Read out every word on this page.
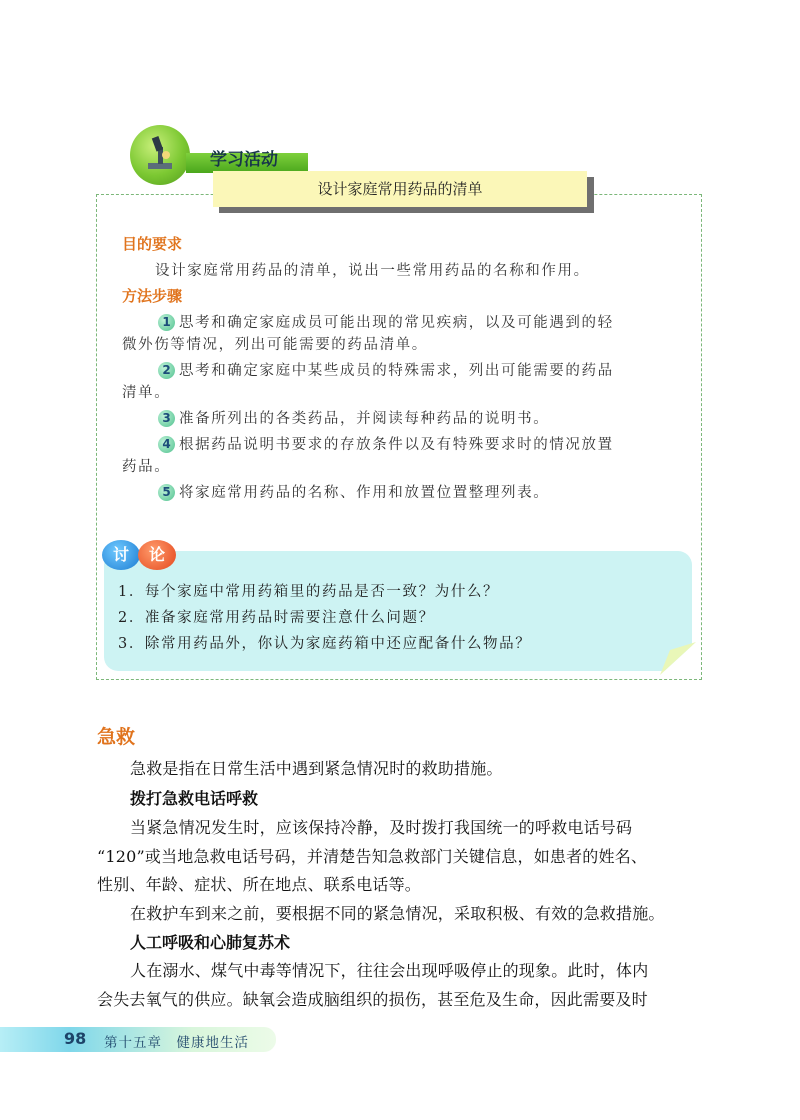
学习活动
设计家庭常用药品的清单
目的要求
设计家庭常用药品的清单，说出一些常用药品的名称和作用。
方法步骤
1 思考和确定家庭成员可能出现的常见疾病，以及可能遇到的轻
微外伤等情况，列出可能需要的药品清单。
2 思考和确定家庭中某些成员的特殊需求，列出可能需要的药品
清单。
3 准备所列出的各类药品，并阅读每种药品的说明书。
4 根据药品说明书要求的存放条件以及有特殊要求时的情况放置
药品。
5 将家庭常用药品的名称、作用和放置位置整理列表。
讨	论
1．每个家庭中常用药箱里的药品是否一致？为什么？
2．准备家庭常用药品时需要注意什么问题？
3．除常用药品外，你认为家庭药箱中还应配备什么物品？
急救
急救是指在日常生活中遇到紧急情况时的救助措施。
拨打急救电话呼救
当紧急情况发生时，应该保持冷静，及时拨打我国统一的呼救电话号码
“120”或当地急救电话号码，并清楚告知急救部门关键信息，如患者的姓名、
性别、年龄、症状、所在地点、联系电话等。
在救护车到来之前，要根据不同的紧急情况，采取积极、有效的急救措施。
人工呼吸和心肺复苏术
人在溺水、煤气中毒等情况下，往往会出现呼吸停止的现象。此时，体内
会失去氧气的供应。缺氧会造成脑组织的损伤，甚至危及生命，因此需要及时
98 第十五章　健康地生活
